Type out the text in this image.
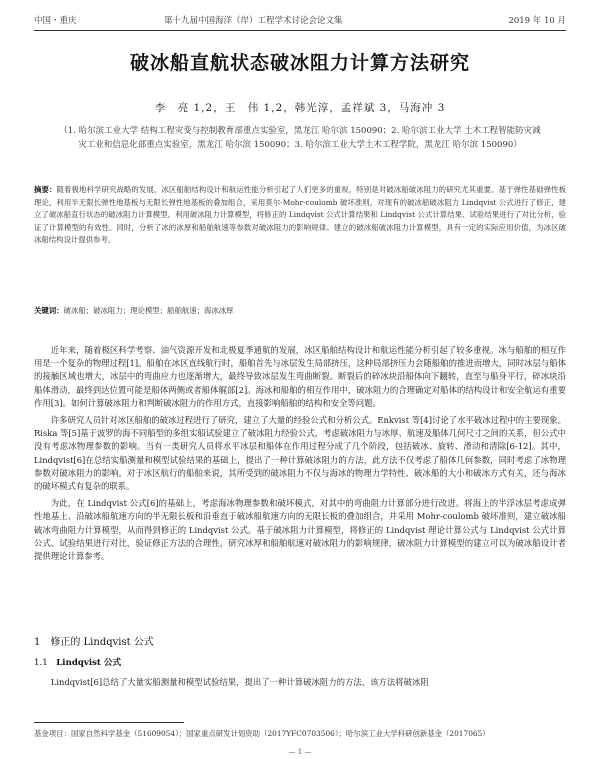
中国・重庆	第十九届中国海洋（岸）工程学术讨论会论文集	2019 年 10 月
破冰船直航状态破冰阻力计算方法研究
李　亮 1,2，王　伟 1,2，韩光淳，孟祥斌 3，马海冲 3
（1. 哈尔滨工业大学 结构工程灾变与控制教育部重点实验室，黑龙江 哈尔滨 150090；2. 哈尔滨工业大学 土木工程智能防灾减灾工业和信息化部重点实验室，黑龙江 哈尔滨 150090；3. 哈尔滨工业大学土木工程学院，黑龙江 哈尔滨 150090）
摘要：随着极地科学研究战略的发展，冰区船舶结构设计和航运性能分析引起了人们更多的重视，特别是对破冰船破冰阻力的研究尤其重要。基于弹性基础弹性板理论，利用半无限长弹性地基板与无限长弹性地基板的叠加组合，采用莫尔-Mohr-coulomb 破坏准则，对现有的破冰船破冰阻力 Lindqvist 公式进行了修正，建立了破冰船直行状态的破冰阻力计算模型。利用破冰阻力计算模型，将修正的 Lindqvist 公式计算结果和 Lindqvist 公式计算结果、试验结果进行了对比分析，验证了计算模型的有效性。同时，分析了冰的冰厚和船舶航速等参数对破冰阻力的影响规律。建立的破冰船破冰阻力计算模型，具有一定的实际应用价值，为冰区破冰船结构设计提供参考。
关键词：破冰船；破冰阻力；理论模型；船舶航速；海冰冰厚

近年来，随着极区科学考察、油气资源开发和北极夏季通航的发展，冰区船舶结构设计和航运性能分析引起了较多重视。冰与船舶的相互作用是一个复杂的物理过程[1]。船舶在冰区直线航行时，船舶首先与冰层发生局部挤压，这种局部挤压力会随船舶的推进而增大，同时冰层与船体的接触区域也增大，冰层中的弯曲应力也逐渐增大，最终导致冰层发生弯曲断裂。断裂后的碎冰块沿船体向下翻转，直至与船身平行，碎冰块沿船体滑动，最终到达位置可能是船体两侧或者船体艉部[2]。海冰和船舶的相互作用中，破冰阻力的合理确定对船体的结构设计和安全航运有重要作用[3]。如何计算破冰阻力和判断破冰阻力的作用方式，直接影响船舶的结构和安全等问题。

许多研究人员针对冰区船舶的破冰过程进行了研究，建立了大量的经验公式和分析公式。Enkvist 等[4]讨论了水平破冰过程中的主要现象。Riska 等[5]基于波罗的海不同船型的多组实船试验建立了破冰阻力经验公式，考虑破冰阻力与冰厚、航速及船体几何尺寸之间的关系，但公式中没有考虑冰物理参数的影响。当有一类研究人员将水平冰层和船体在作用过程分成了几个阶段，包括破冰、旋转、滑动和清除[6-12]。其中，Lindqvist[6]在总结实船测量和模型试验结果的基础上，提出了一种计算破冰阻力的方法，此方法不仅考虑了船体几何参数，同时考虑了冰物理参数对破冰阻力的影响。对于冰区航行的船舶来说，其所受到的破冰阻力不仅与海冰的物理力学特性、破冰船的大小和破冰方式有关，还与海冰的破坏模式有复杂的联系。

为此，在 Lindqvist 公式[6]的基础上，考虑海冰物理参数和破坏模式，对其中的弯曲阻力计算部分进行改进。将海上的半浮冰层考虑成弹性地基上、沿破冰船航速方向的半无限长板和沿垂直于破冰船航速方向的无限长板的叠加组合，并采用 Mohr-coulomb 破坏准则，建立破冰船破冰弯曲阻力计算模型，从而得到修正的 Lindqvist 公式。基于破冰阻力计算模型，将修正的 Lindqvist 理论计算公式与 Lindqvist 公式计算公式、试验结果进行对比，验证修正方法的合理性，研究冰厚和船舶航速对破冰阻力的影响规律，破冰阻力计算模型的建立可以为破冰船设计者提供理论计算参考。

1　修正的 Lindqvist 公式
1.1  Lindqvist 公式
Lindqvist[6]总结了大量实船测量和模型试验结果，提出了一种计算破冰阻力的方法，该方法将破冰阻
基金项目：国家自然科学基金（51609054）；国家重点研发计划资助（2017YFC0703506）；哈尔滨工业大学科研创新基金（2017065）
— 1 —
